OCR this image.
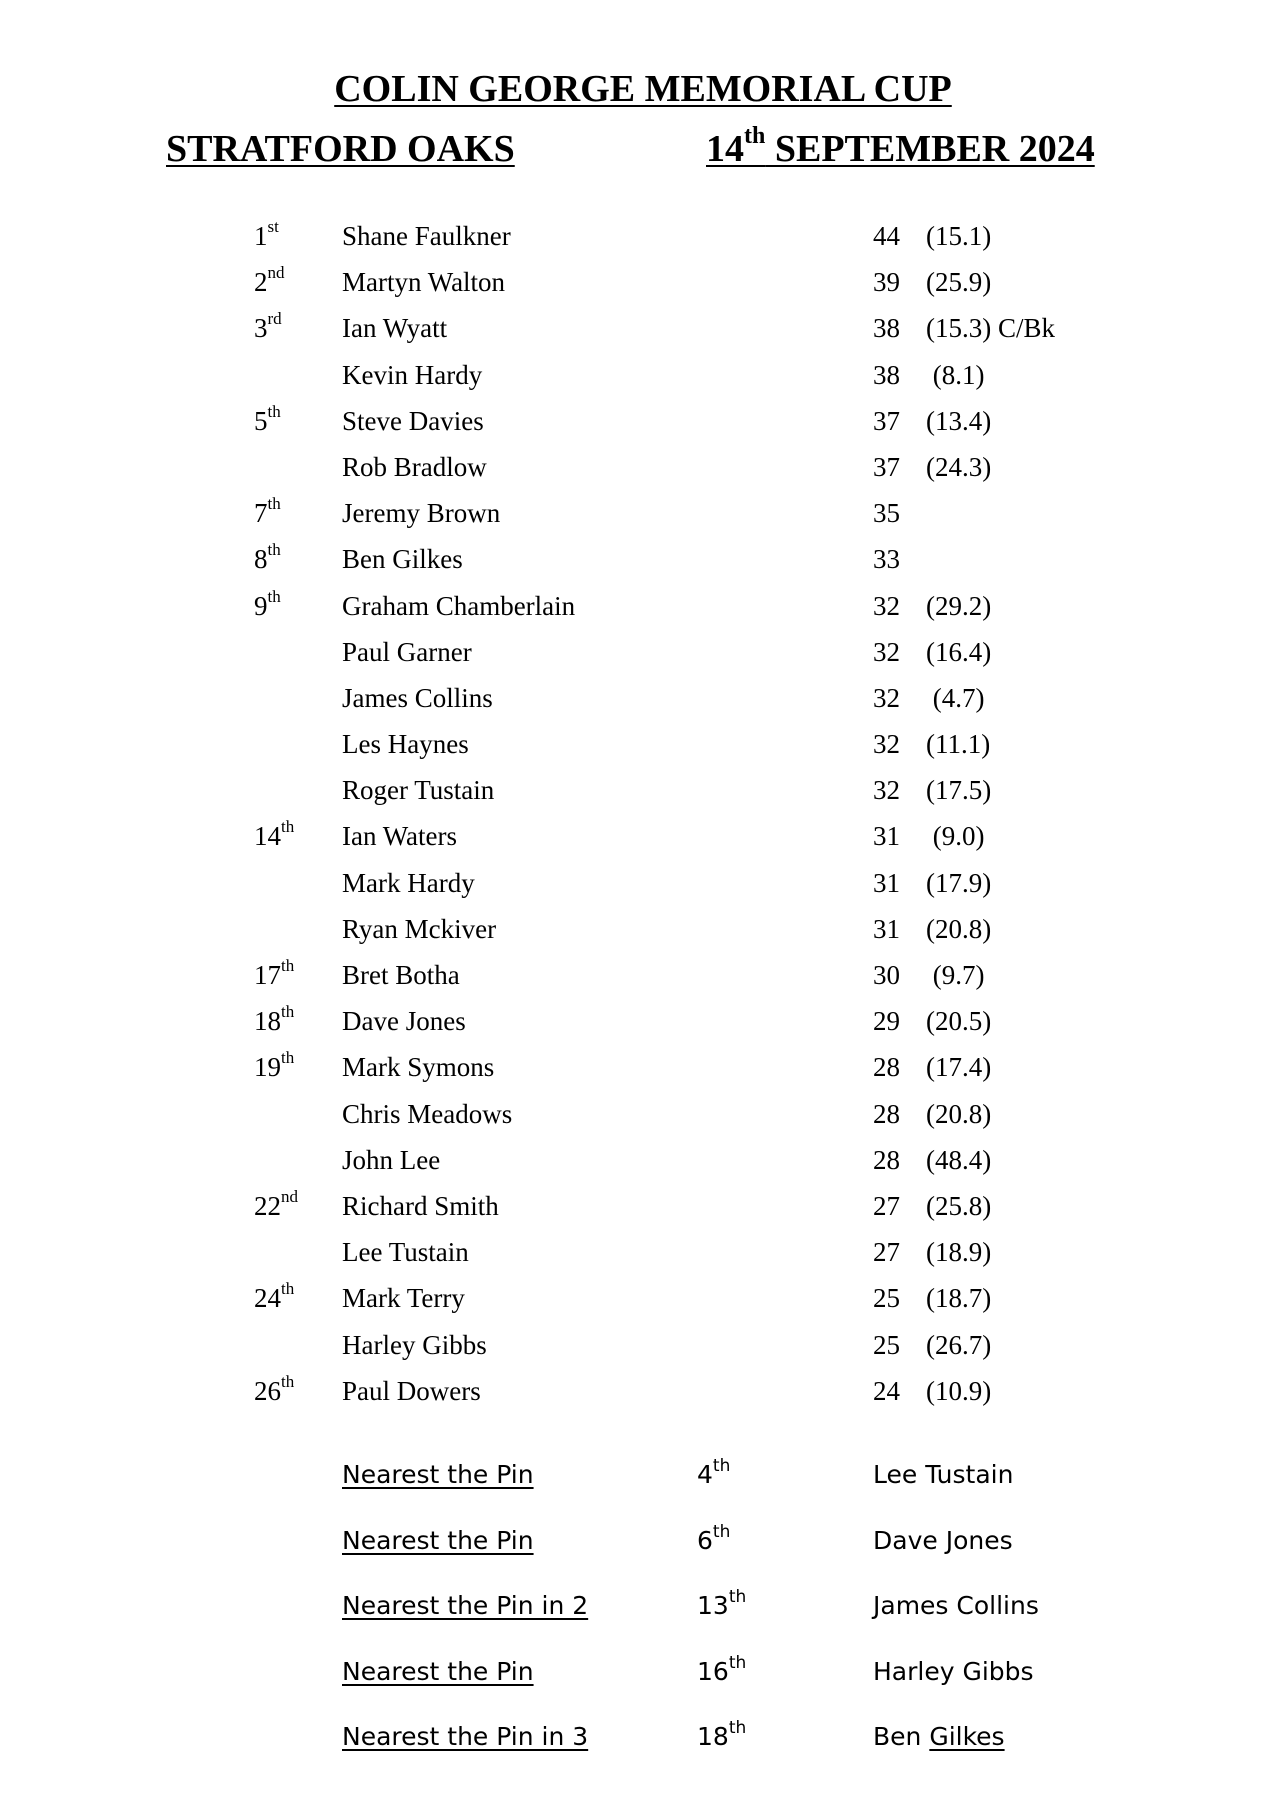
COLIN GEORGE MEMORIAL CUP
STRATFORD OAKS	14th SEPTEMBER 2024
1st Shane Faulkner	44 (15.1)
2nd Martyn Walton	39 (25.9)
3rd Ian Wyatt	38 (15.3) C/Bk
Kevin Hardy	38 (8.1)
5th Steve Davies	37 (13.4)
Rob Bradlow	37 (24.3)
7th Jeremy Brown	35
8th Ben Gilkes	33
9th Graham Chamberlain	32 (29.2)
Paul Garner	32 (16.4)
James Collins	32 (4.7)
Les Haynes	32 (11.1)
Roger Tustain	32 (17.5)
14th Ian Waters	31 (9.0)
Mark Hardy	31 (17.9)
Ryan Mckiver	31 (20.8)
17th Bret Botha	30 (9.7)
18th Dave Jones	29 (20.5)
19th Mark Symons	28 (17.4)
Chris Meadows	28 (20.8)
John Lee	28 (48.4)
22nd Richard Smith	27 (25.8)
Lee Tustain	27 (18.9)
24th Mark Terry	25 (18.7)
Harley Gibbs	25 (26.7)
26th Paul Dowers	24 (10.9)
Nearest the Pin	4th	Lee Tustain
Nearest the Pin	6th	Dave Jones
Nearest the Pin in 2	13th	James Collins
Nearest the Pin	16th	Harley Gibbs
Nearest the Pin in 3	18th	Ben Gilkes
